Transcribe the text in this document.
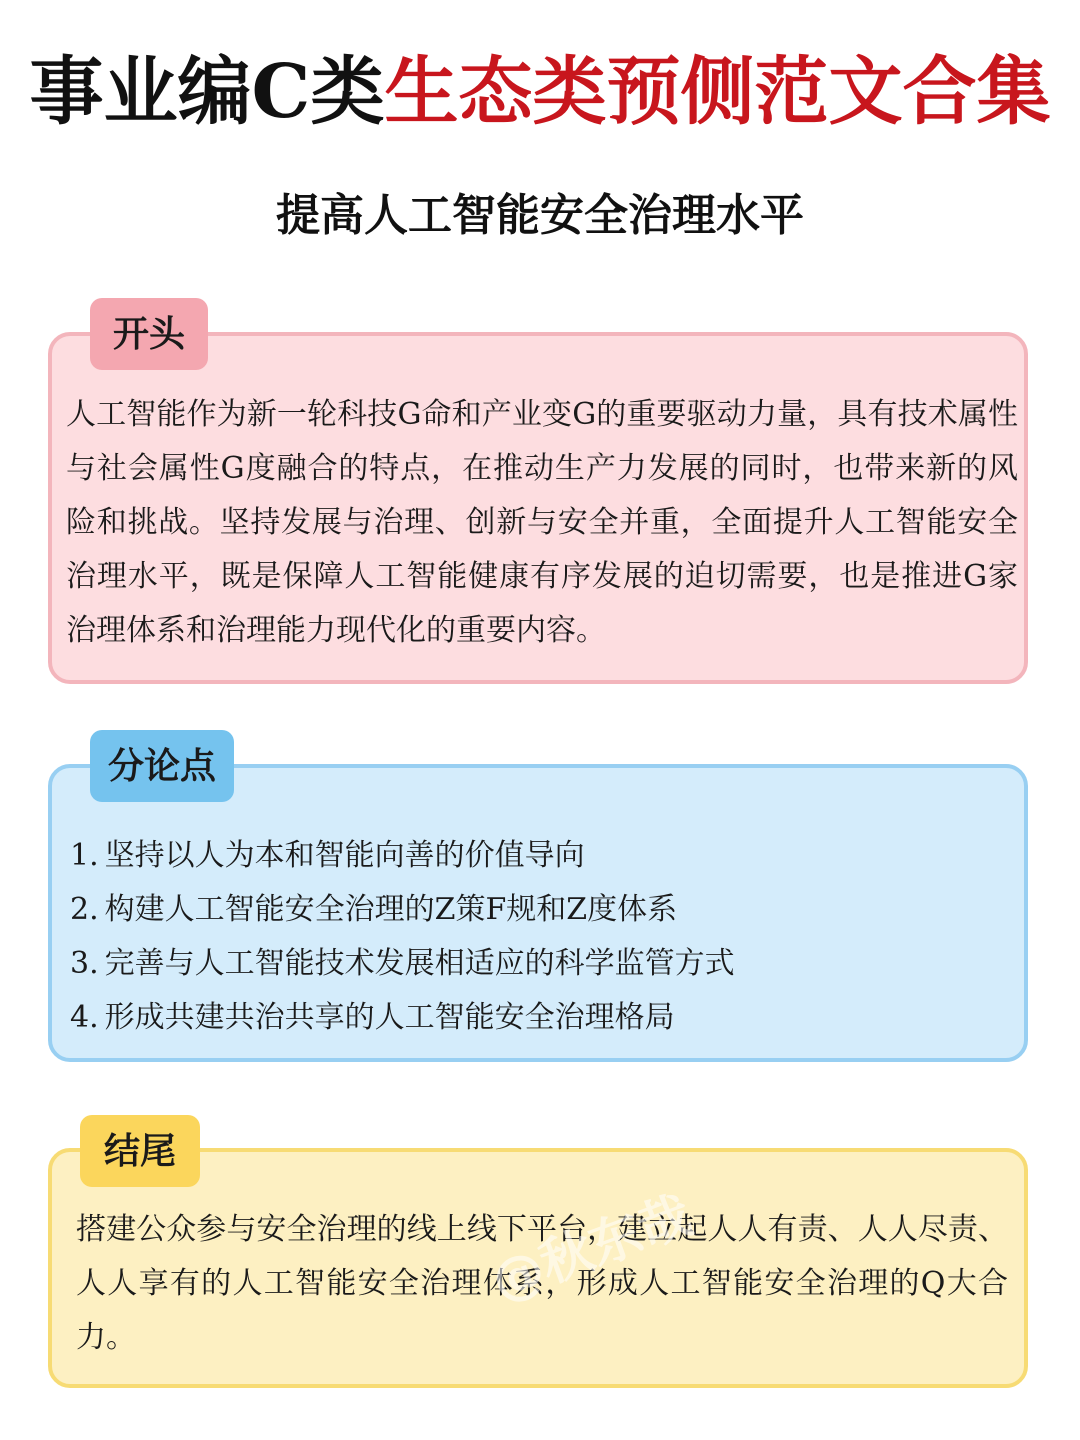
事业编C类生态类预侧范文合集
提高人工智能安全治理水平
开头
人工智能作为新一轮科技G命和产业变G的重要驱动力量，具有技术属性与社会属性G度融合的特点，在推动生产力发展的同时，也带来新的风险和挑战。坚持发展与治理、创新与安全并重，全面提升人工智能安全治理水平，既是保障人工智能健康有序发展的迫切需要，也是推进G家治理体系和治理能力现代化的重要内容。
分论点
1. 坚持以人为本和智能向善的价值导向
2. 构建人工智能安全治理的Z策F规和Z度体系
3. 完善与人工智能技术发展相适应的科学监管方式
4. 形成共建共治共享的人工智能安全治理格局
结尾
搭建公众参与安全治理的线上线下平台，建立起人人有责、人人尽责、人人享有的人工智能安全治理体系，形成人工智能安全治理的Q大合力。
@秋东哉
